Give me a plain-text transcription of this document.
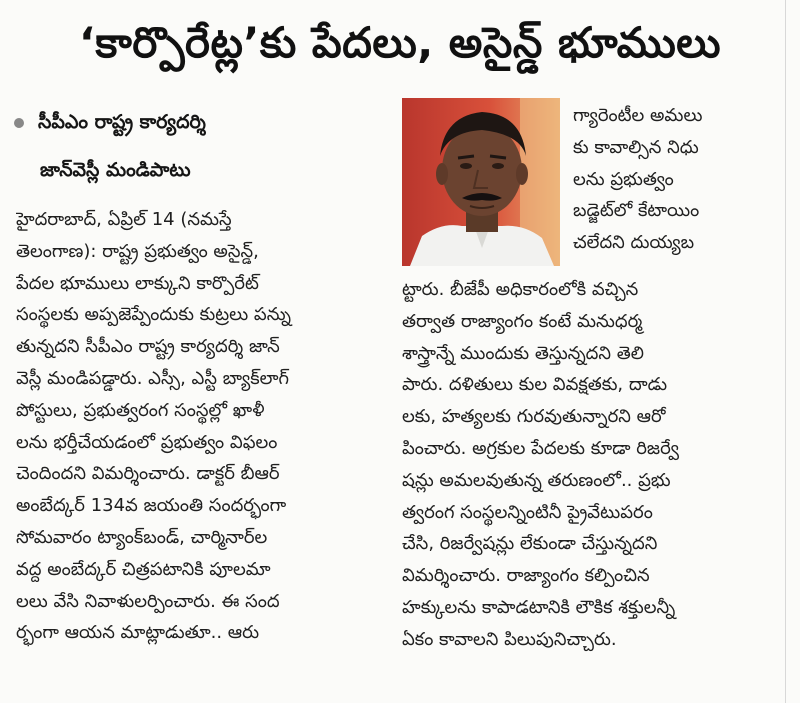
‘కార్పొరేట్ల’కు పేదలు, అసైన్డ్ భూములు
సీపీఎం రాష్ట్ర కార్యదర్శి
జాన్‌వెస్లీ మండిపాటు
హైదరాబాద్, ఏప్రిల్ 14 (నమస్తే
తెలంగాణ): రాష్ట్ర ప్రభుత్వం అసైన్డ్,
పేదల భూములు లాక్కుని కార్పొరేట్
సంస్థలకు అప్పజెప్పేందుకు కుట్రలు పన్ను
తున్నదని సీపీఎం రాష్ట్ర కార్యదర్శి జాన్
వెస్లీ మండిపడ్డారు. ఎస్సీ, ఎస్టీ బ్యాక్‌లాగ్
పోస్టులు, ప్రభుత్వరంగ సంస్థల్లో ఖాళీ
లను భర్తీచేయడంలో ప్రభుత్వం విఫలం
చెందిందని విమర్శించారు. డాక్టర్ బీఆర్
అంబేద్కర్ 134వ జయంతి సందర్భంగా
సోమవారం ట్యాంక్‌బండ్, చార్మినార్‌ల
వద్ద అంబేద్కర్ చిత్రపటానికి పూలమా
లలు వేసి నివాళులర్పించారు. ఈ సంద
ర్భంగా ఆయన మాట్లాడుతూ.. ఆరు
గ్యారెంటీల అమలు
కు కావాల్సిన నిధు
లను ప్రభుత్వం
బడ్జెట్‌లో కేటాయిం
చలేదని దుయ్యబ
ట్టారు. బీజేపీ అధికారంలోకి వచ్చిన
తర్వాత రాజ్యాంగం కంటే మనుధర్మ
శాస్త్రాన్నే ముందుకు తెస్తున్నదని తెలి
పారు. దళితులు కుల వివక్షతకు, దాడు
లకు, హత్యలకు గురవుతున్నారని ఆరో
పించారు. అగ్రకుల పేదలకు కూడా రిజర్వే
షన్లు అమలవుతున్న తరుణంలో.. ప్రభు
త్వరంగ సంస్థలన్నింటినీ ప్రైవేటుపరం
చేసి, రిజర్వేషన్లు లేకుండా చేస్తున్నదని
విమర్శించారు. రాజ్యాంగం కల్పించిన
హక్కులను కాపాడటానికి లౌకిక శక్తులన్నీ
ఏకం కావాలని పిలుపునిచ్చారు.
